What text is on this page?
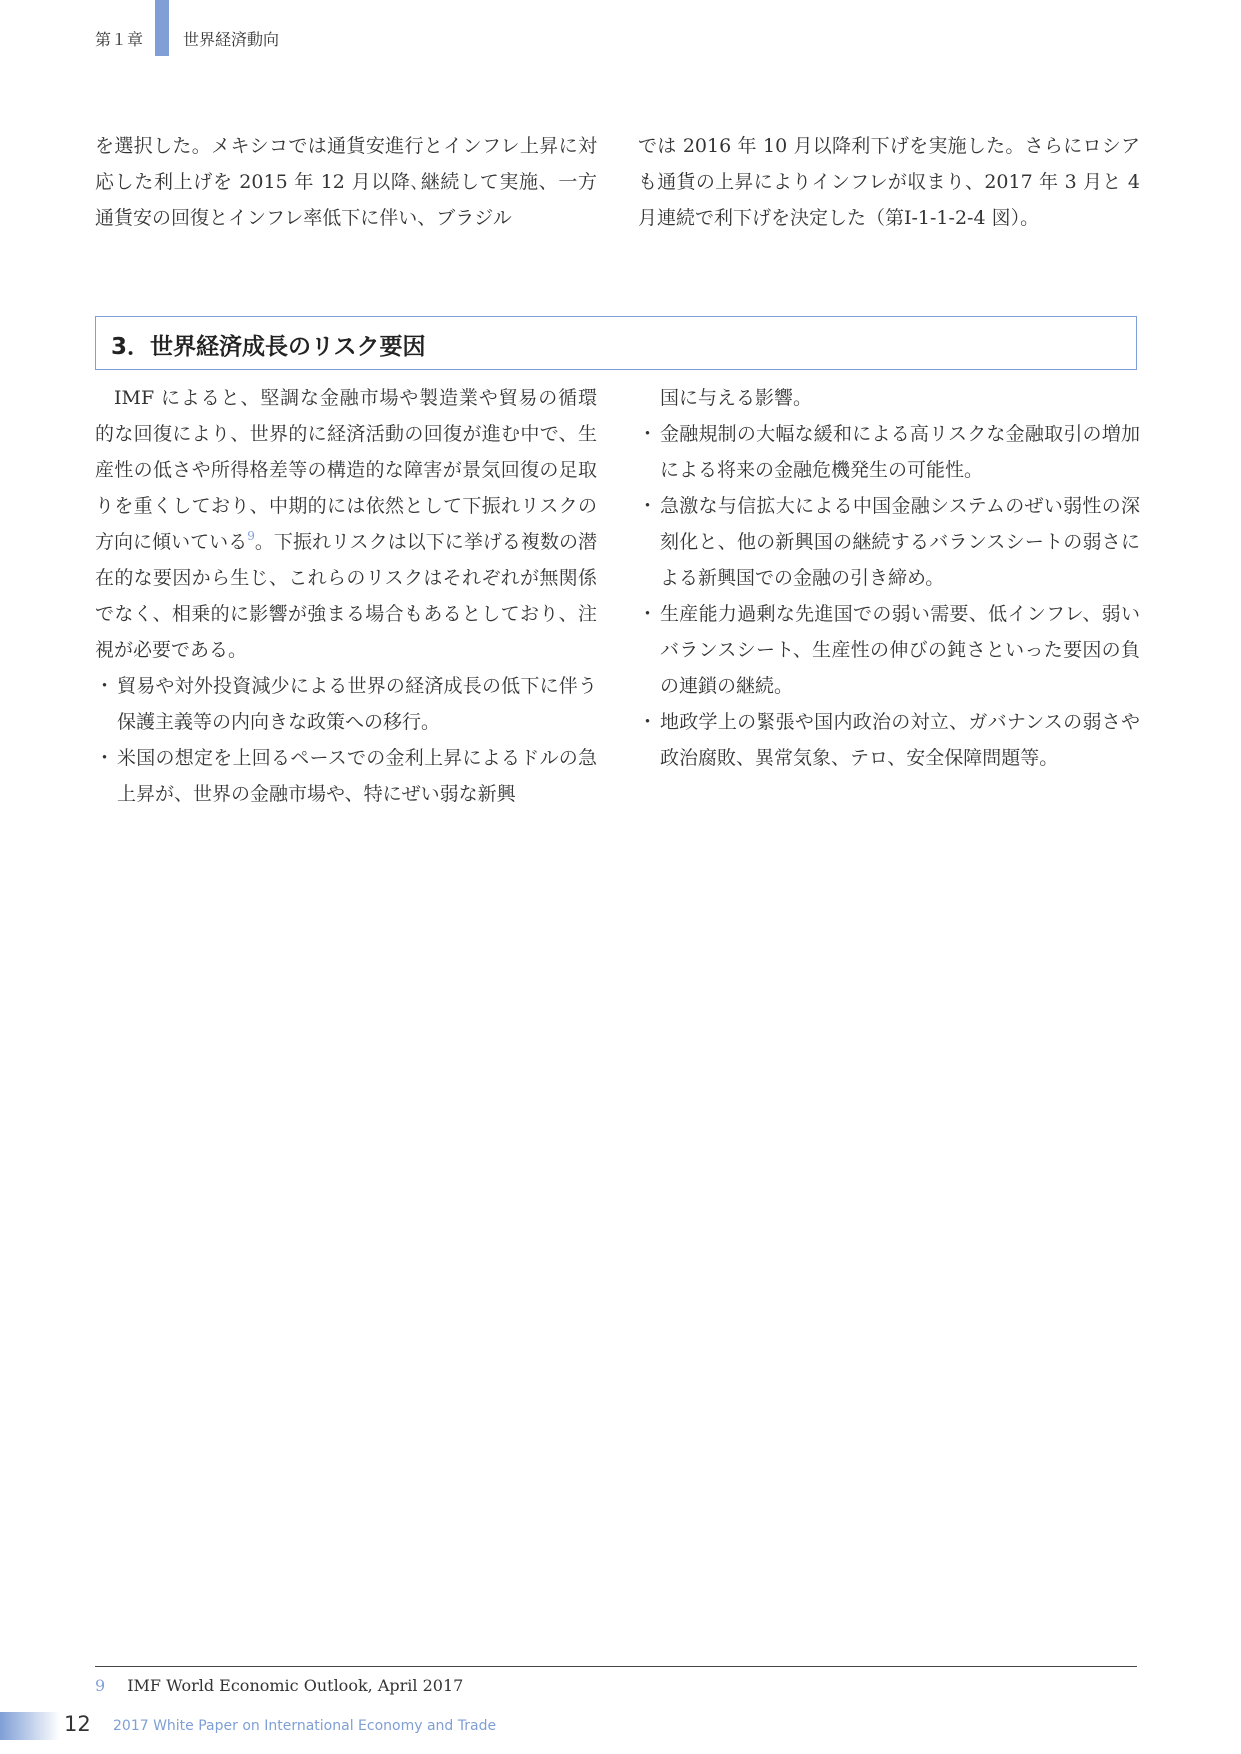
第１章 世界経済動向

を選択した。メキシコでは通貨安進行とインフレ上昇に対応した利上げを 2015 年 12 月以降､継続して実施、一方通貨安の回復とインフレ率低下に伴い、ブラジル

では 2016 年 10 月以降利下げを実施した。さらにロシアも通貨の上昇によりインフレが収まり、2017 年 3 月と 4 月連続で利下げを決定した（第Ⅰ-1-1-2-4 図）。

3．世界経済成長のリスク要因

IMF によると、堅調な金融市場や製造業や貿易の循環的な回復により、世界的に経済活動の回復が進む中で、生産性の低さや所得格差等の構造的な障害が景気回復の足取りを重くしており、中期的には依然として下振れリスクの方向に傾いている$^9$。下振れリスクは以下に挙げる複数の潜在的な要因から生じ、これらのリスクはそれぞれが無関係でなく、相乗的に影響が強まる場合もあるとしており、注視が必要である。

・ 貿易や対外投資減少による世界の経済成長の低下に伴う保護主義等の内向きな政策への移行。

・ 米国の想定を上回るペースでの金利上昇によるドルの急上昇が、世界の金融市場や、特にぜい弱な新興

国に与える影響。

・ 金融規制の大幅な緩和による高リスクな金融取引の増加による将来の金融危機発生の可能性。

・ 急激な与信拡大による中国金融システムのぜい弱性の深刻化と、他の新興国の継続するバランスシートの弱さによる新興国での金融の引き締め。

・ 生産能力過剰な先進国での弱い需要、低インフレ、弱いバランスシート、生産性の伸びの鈍さといった要因の負の連鎖の継続。

・ 地政学上の緊張や国内政治の対立、ガバナンスの弱さや政治腐敗、異常気象、テロ、安全保障問題等。

9 IMF World Economic Outlook, April 2017
12 2017 White Paper on International Economy and Trade
